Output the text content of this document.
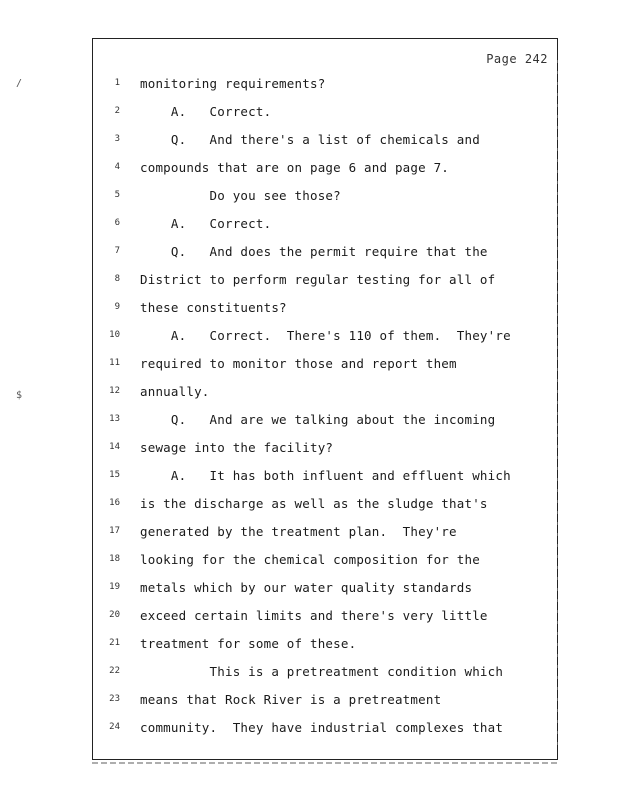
Page 242
/
$
1 monitoring requirements?
2 A.   Correct.
3 Q.   And there's a list of chemicals and
4 compounds that are on page 6 and page 7.
5 Do you see those?
6 A.   Correct.
7 Q.   And does the permit require that the
8 District to perform regular testing for all of
9 these constituents?
10 A.   Correct.  There's 110 of them.  They're
11 required to monitor those and report them
12 annually.
13 Q.   And are we talking about the incoming
14 sewage into the facility?
15 A.   It has both influent and effluent which
16 is the discharge as well as the sludge that's
17 generated by the treatment plan.  They're
18 looking for the chemical composition for the
19 metals which by our water quality standards
20 exceed certain limits and there's very little
21 treatment for some of these.
22 This is a pretreatment condition which
23 means that Rock River is a pretreatment
24 community.  They have industrial complexes that
